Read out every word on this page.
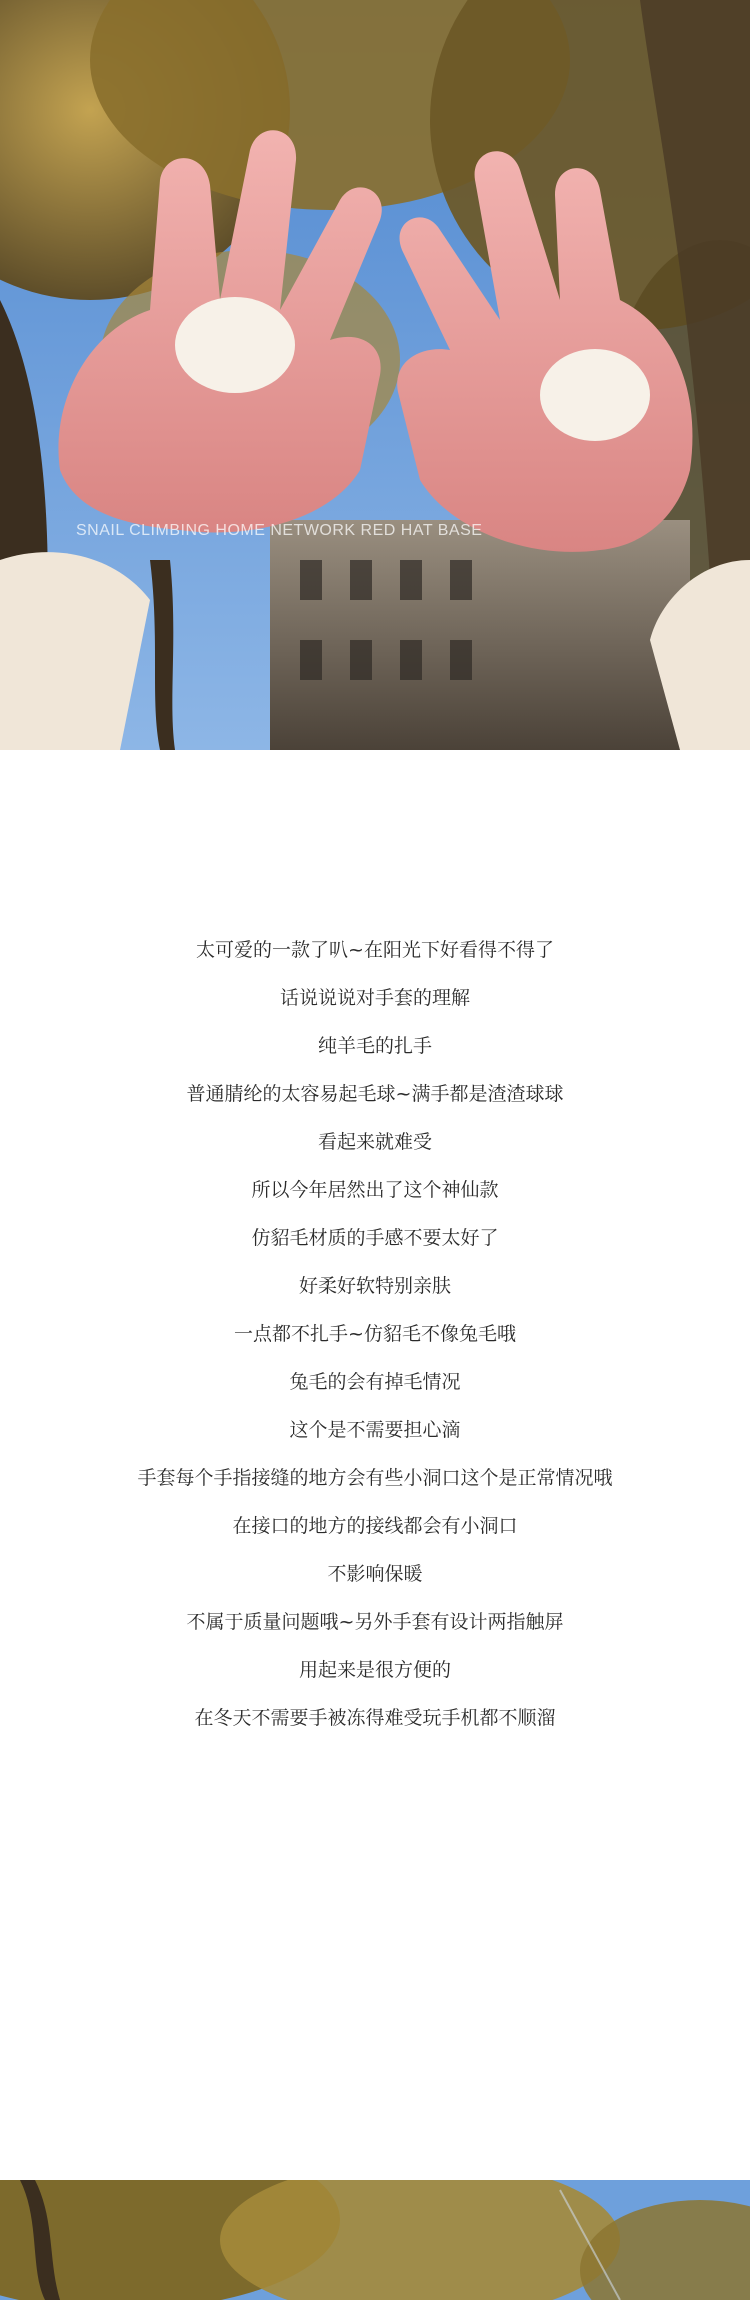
SNAIL CLIMBING HOME NETWORK RED HAT BASE
太可爱的一款了叭~在阳光下好看得不得了
话说说说对手套的理解
纯羊毛的扎手
普通腈纶的太容易起毛球~满手都是渣渣球球
看起来就难受
所以今年居然出了这个神仙款
仿貂毛材质的手感不要太好了
好柔好软特别亲肤
一点都不扎手~仿貂毛不像兔毛哦
兔毛的会有掉毛情况
这个是不需要担心滴
手套每个手指接缝的地方会有些小洞口这个是正常情况哦
在接口的地方的接线都会有小洞口
不影响保暖
不属于质量问题哦~另外手套有设计两指触屏
用起来是很方便的
在冬天不需要手被冻得难受玩手机都不顺溜
